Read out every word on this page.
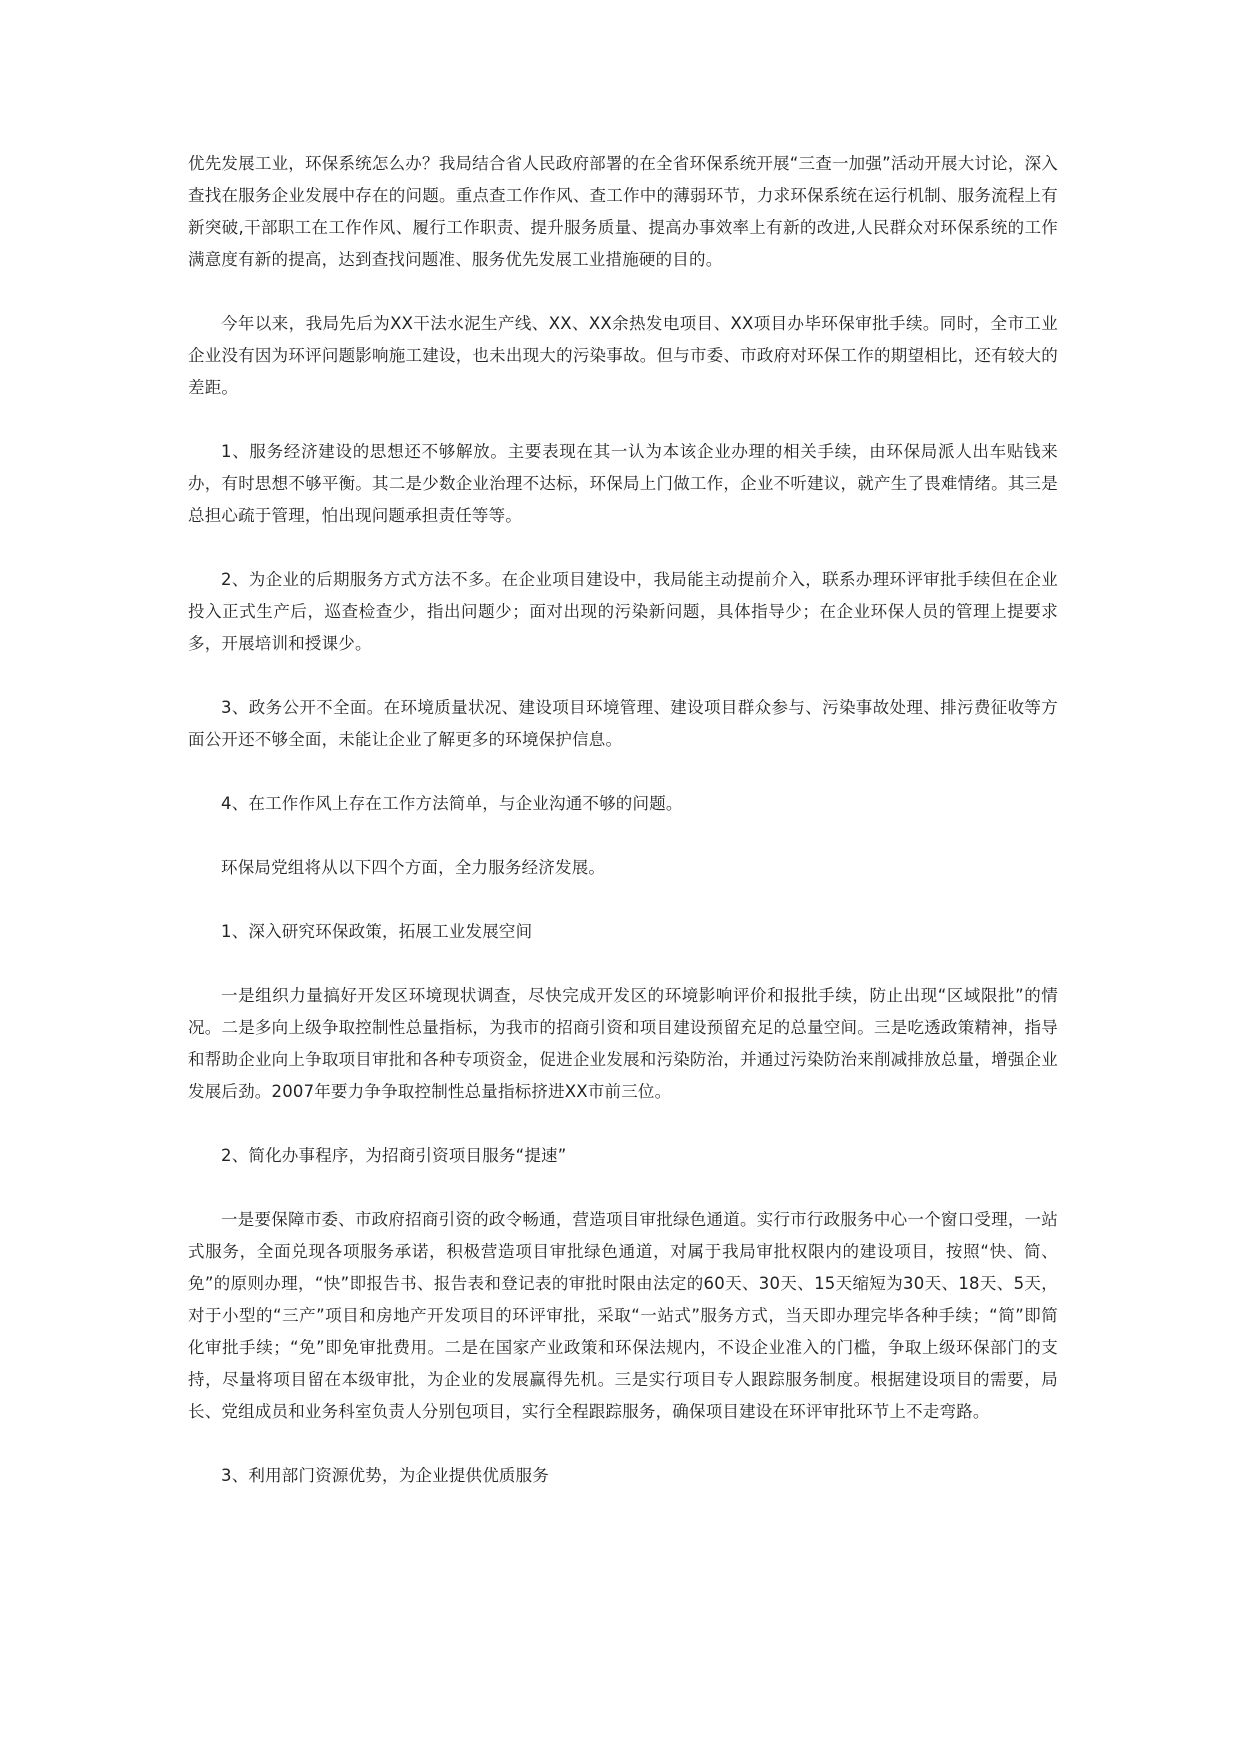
优先发展工业，环保系统怎么办？我局结合省人民政府部署的在全省环保系统开展“三查一加强”活动开展大讨论，深入查找在服务企业发展中存在的问题。重点查工作作风、查工作中的薄弱环节，力求环保系统在运行机制、服务流程上有新突破,干部职工在工作作风、履行工作职责、提升服务质量、提高办事效率上有新的改进,人民群众对环保系统的工作满意度有新的提高，达到查找问题准、服务优先发展工业措施硬的目的。

今年以来，我局先后为XX干法水泥生产线、XX、XX余热发电项目、XX项目办毕环保审批手续。同时，全市工业企业没有因为环评问题影响施工建设，也未出现大的污染事故。但与市委、市政府对环保工作的期望相比，还有较大的差距。

1、服务经济建设的思想还不够解放。主要表现在其一认为本该企业办理的相关手续，由环保局派人出车贴钱来办，有时思想不够平衡。其二是少数企业治理不达标，环保局上门做工作，企业不听建议，就产生了畏难情绪。其三是总担心疏于管理，怕出现问题承担责任等等。

2、为企业的后期服务方式方法不多。在企业项目建设中，我局能主动提前介入，联系办理环评审批手续但在企业投入正式生产后，巡查检查少，指出问题少；面对出现的污染新问题，具体指导少；在企业环保人员的管理上提要求多，开展培训和授课少。

3、政务公开不全面。在环境质量状况、建设项目环境管理、建设项目群众参与、污染事故处理、排污费征收等方面公开还不够全面，未能让企业了解更多的环境保护信息。

4、在工作作风上存在工作方法简单，与企业沟通不够的问题。

环保局党组将从以下四个方面，全力服务经济发展。

1、深入研究环保政策，拓展工业发展空间

一是组织力量搞好开发区环境现状调查，尽快完成开发区的环境影响评价和报批手续，防止出现“区域限批”的情况。二是多向上级争取控制性总量指标，为我市的招商引资和项目建设预留充足的总量空间。三是吃透政策精神，指导和帮助企业向上争取项目审批和各种专项资金，促进企业发展和污染防治，并通过污染防治来削减排放总量，增强企业发展后劲。2007年要力争争取控制性总量指标挤进XX市前三位。

2、简化办事程序，为招商引资项目服务“提速”

一是要保障市委、市政府招商引资的政令畅通，营造项目审批绿色通道。实行市行政服务中心一个窗口受理，一站式服务，全面兑现各项服务承诺，积极营造项目审批绿色通道，对属于我局审批权限内的建设项目，按照“快、简、免”的原则办理，“快”即报告书、报告表和登记表的审批时限由法定的60天、30天、15天缩短为30天、18天、5天，对于小型的“三产”项目和房地产开发项目的环评审批，采取“一站式”服务方式，当天即办理完毕各种手续；“简”即简化审批手续；“免”即免审批费用。二是在国家产业政策和环保法规内，不设企业准入的门槛，争取上级环保部门的支持，尽量将项目留在本级审批，为企业的发展赢得先机。三是实行项目专人跟踪服务制度。根据建设项目的需要，局长、党组成员和业务科室负责人分别包项目，实行全程跟踪服务，确保项目建设在环评审批环节上不走弯路。

3、利用部门资源优势，为企业提供优质服务
